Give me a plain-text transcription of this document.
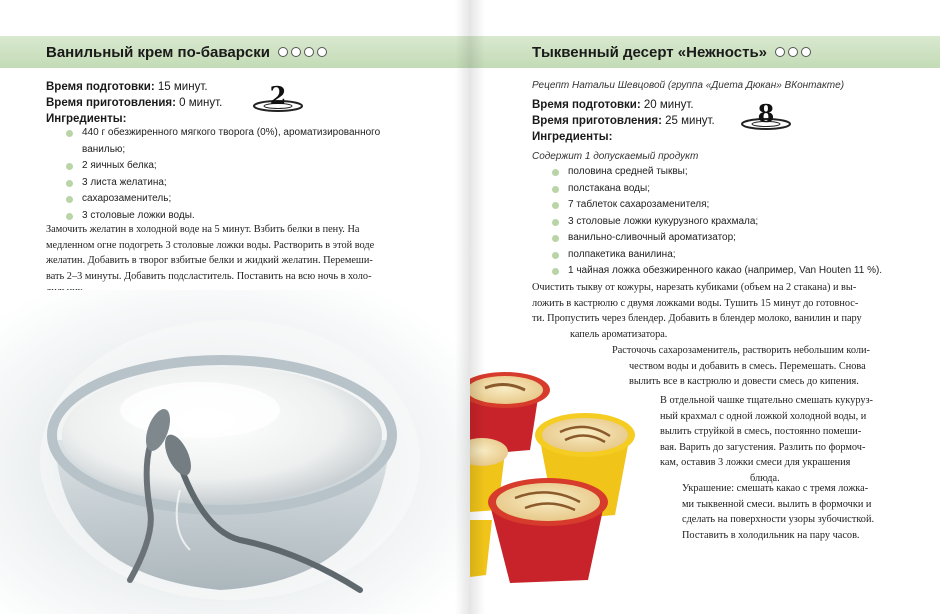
Ванильный крем по-баварски
Время подготовки: 15 минут.
Время приготовления: 0 минут.
Ингредиенты:
2
440 г обезжиренного мягкого творога (0%), ароматизированного
ванилью;
2 яичных белка;
3 листа желатина;
сахарозаменитель;
3 столовые ложки воды.
Замочить желатин в холодной воде на 5 минут. Взбить белки в пену. На
медленном огне подогреть 3 столовые ложки воды. Растворить в этой воде
желатин. Добавить в творог взбитые белки и жидкий желатин. Перемеши-
вать 2–3 минуты. Добавить подсластитель. Поставить на всю ночь в холо-
Тыквенный десерт «Нежность»
Рецепт Натальи Шевцовой (группа «Диета Дюкан» ВКонтакте)
Время подготовки: 20 минут.
Время приготовления: 25 минут.
Ингредиенты:
8
Содержит 1 допускаемый продукт
половина средней тыквы;
полстакана воды;
7 таблеток сахарозаменителя;
3 столовые ложки кукурузного крахмала;
ванильно-сливочный ароматизатор;
полпакетика ванилина;
1 чайная ложка обезжиренного какао (например, Van Houten 11 %).
Очистить тыкву от кожуры, нарезать кубиками (объем на 2 стакана) и вы-
ложить в кастрюлю с двумя ложками воды. Тушить 15 минут до готовнос-
ти. Пропустить через блендер. Добавить в блендер молоко, ванилин и пару
капель ароматизатора.
Расточочь сахарозаменитель, растворить небольшим коли-
чеством воды и добавить в смесь. Перемешать. Снова
вылить все в кастрюлю и довести смесь до кипения.
В отдельной чашке тщательно смешать кукуруз-
ный крахмал с одной ложкой холодной воды, и
вылить струйкой в смесь, постоянно помеши-
вая. Варить до загустения. Разлить по формоч-
кам, оставив 3 ложки смеси для украшения
блюда.
Украшение: смешать какао с тремя ложка-
ми тыквенной смеси. вылить в формочки и
сделать на поверхности узоры зубочисткой.
Поставить в холодильник на пару часов.
